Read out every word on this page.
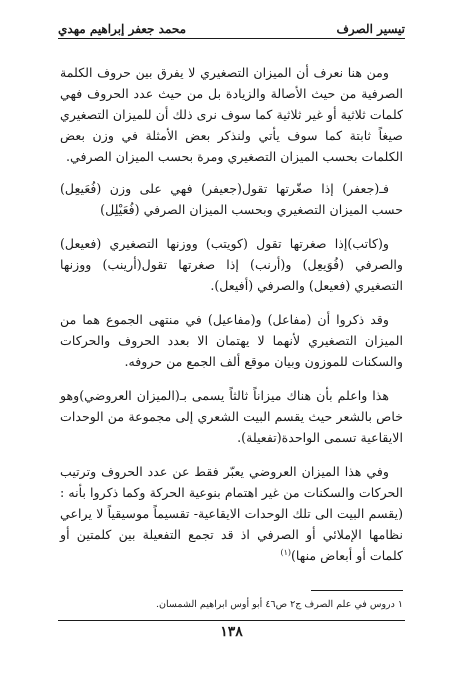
تيسير الصرف
محمد جعفر إبراهيم مهدي

ومن هنا نعرف أن الميزان التصغيري لا يفرق بين حروف الكلمة الصرفية من حيث الأصالة والزيادة بل من حيث عدد الحروف فهي كلمات ثلاثية أو غير ثلاثية كما سوف نرى ذلك أن للميزان التصغيري صيغاً ثابتة كما سوف يأتي ولنذكر بعض الأمثلة في وزن بعض الكلمات بحسب الميزان التصغيري ومرة بحسب الميزان الصرفي.

فـ(جعفر) إذا صغّرتها تقول(جعيفر) فهي على وزن (فُعَيعِل) حسب الميزان التصغيري وبحسب الميزان الصرفي (فُعَيْلِل)

و(كاتب)إذا صغرتها تقول (كويتب) ووزنها التصغيري (فعيعل) والصرفي (فُوَيعِل) و(أرنب) إذا صغرتها تقول(أرينب) ووزنها التصغيري (فعيعل) والصرفي (أفيعل).

وقد ذكروا أن (مفاعل) و(مفاعيل) في منتهى الجموع هما من الميزان التصغيري لأنهما لا يهتمان الا بعدد الحروف والحركات والسكنات للموزون وبيان موقع ألف الجمع من حروفه.

هذا واعلم بأن هناك ميزاناً ثالثاً يسمى بـ(الميزان العروضي)وهو خاص بالشعر حيث يقسم البيت الشعري إلى مجموعة من الوحدات الايقاعية تسمى الواحدة(تفعيلة).

وفي هذا الميزان العروضي يعبّر فقط عن عدد الحروف وترتيب الحركات والسكنات من غير اهتمام بنوعية الحركة وكما ذكروا بأنه : (يقسم البيت الى تلك الوحدات الايقاعية- تقسيماً موسيقياً لا يراعي نظامها الإملائي أو الصرفي اذ قد تجمع التفعيلة بين كلمتين أو كلمات أو أبعاض منها)$^{(١)}$

١ دروس في علم الصرف ج٢ ص٤٦ أبو أوس ابراهيم الشمسان.
١٣٨
